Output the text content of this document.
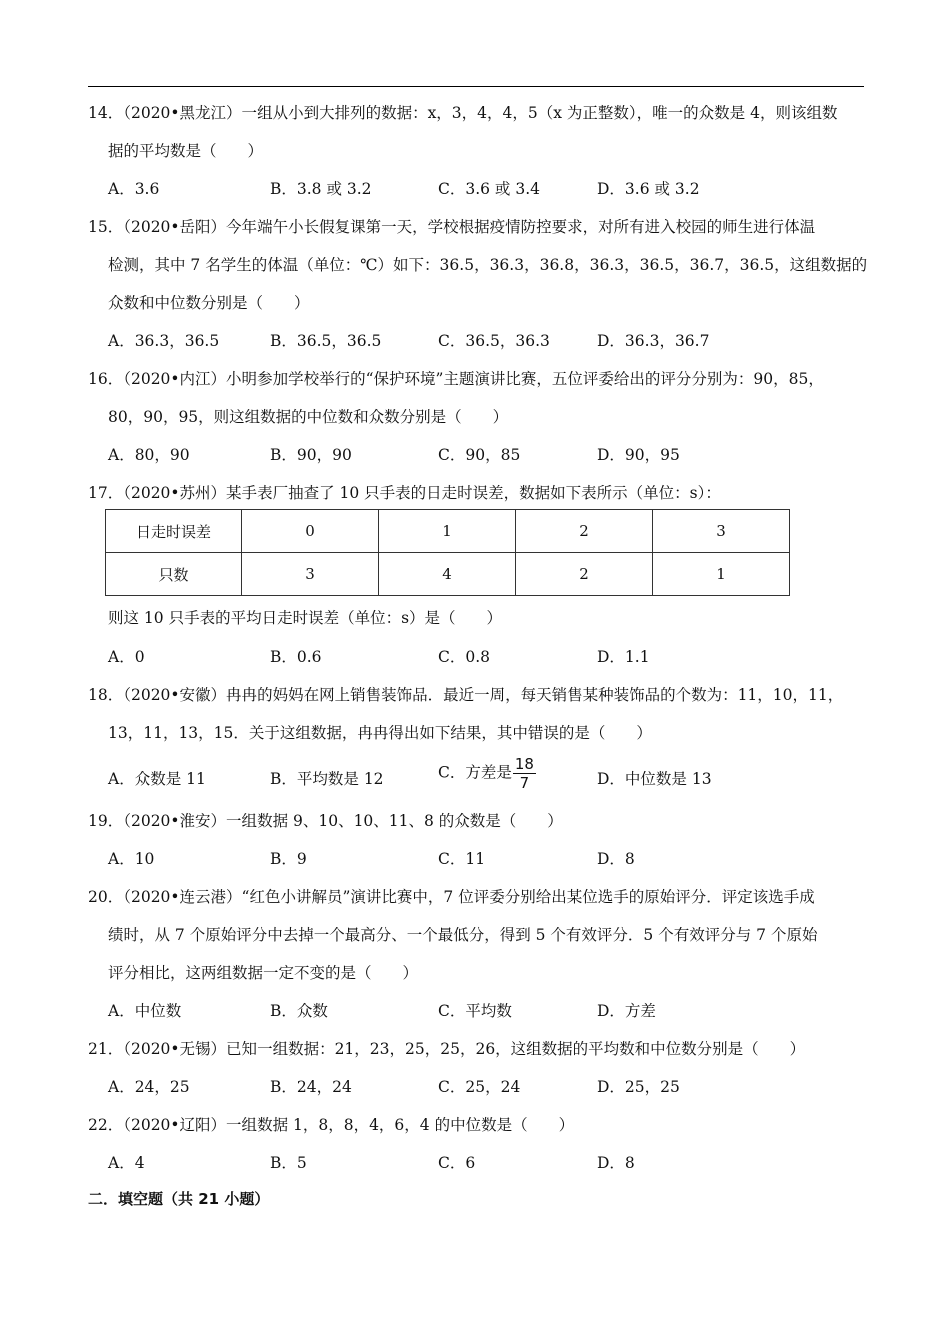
14．（2020•黑龙江）一组从小到大排列的数据：x，3，4，4，5（x 为正整数），唯一的众数是 4，则该组数
据的平均数是（　　）
A．3.6	B．3.8 或 3.2	C．3.6 或 3.4	D．3.6 或 3.2
15．（2020•岳阳）今年端午小长假复课第一天，学校根据疫情防控要求，对所有进入校园的师生进行体温
检测，其中 7 名学生的体温（单位：℃）如下：36.5，36.3，36.8，36.3，36.5，36.7，36.5，这组数据的
众数和中位数分别是（　　）
A．36.3，36.5	B．36.5，36.5	C．36.5，36.3	D．36.3，36.7
16．（2020•内江）小明参加学校举行的“保护环境”主题演讲比赛，五位评委给出的评分分别为：90，85，
80，90，95，则这组数据的中位数和众数分别是（　　）
A．80，90	B．90，90	C．90，85	D．90，95
17．（2020•苏州）某手表厂抽查了 10 只手表的日走时误差，数据如下表所示（单位：s）：
日走时误差	0	1	2	3
只数	3	4	2	1
则这 10 只手表的平均日走时误差（单位：s）是（　　）
A．0	B．0.6	C．0.8	D．1.1
18．（2020•安徽）冉冉的妈妈在网上销售装饰品．最近一周，每天销售某种装饰品的个数为：11，10，11，
13，11，13，15．关于这组数据，冉冉得出如下结果，其中错误的是（　　）
A．众数是 11	B．平均数是 12	C．方差是 $\frac{18}{7}$	D．中位数是 13
19．（2020•淮安）一组数据 9、10、10、11、8 的众数是（　　）
A．10	B．9	C．11	D．8
20．（2020•连云港）“红色小讲解员”演讲比赛中，7 位评委分别给出某位选手的原始评分．评定该选手成
绩时，从 7 个原始评分中去掉一个最高分、一个最低分，得到 5 个有效评分．5 个有效评分与 7 个原始
评分相比，这两组数据一定不变的是（　　）
A．中位数	B．众数	C．平均数	D．方差
21．（2020•无锡）已知一组数据：21，23，25，25，26，这组数据的平均数和中位数分别是（　　）
A．24，25	B．24，24	C．25，24	D．25，25
22．（2020•辽阳）一组数据 1，8，8，4，6，4 的中位数是（　　）
A．4	B．5	C．6	D．8
二．填空题（共 21 小题）
